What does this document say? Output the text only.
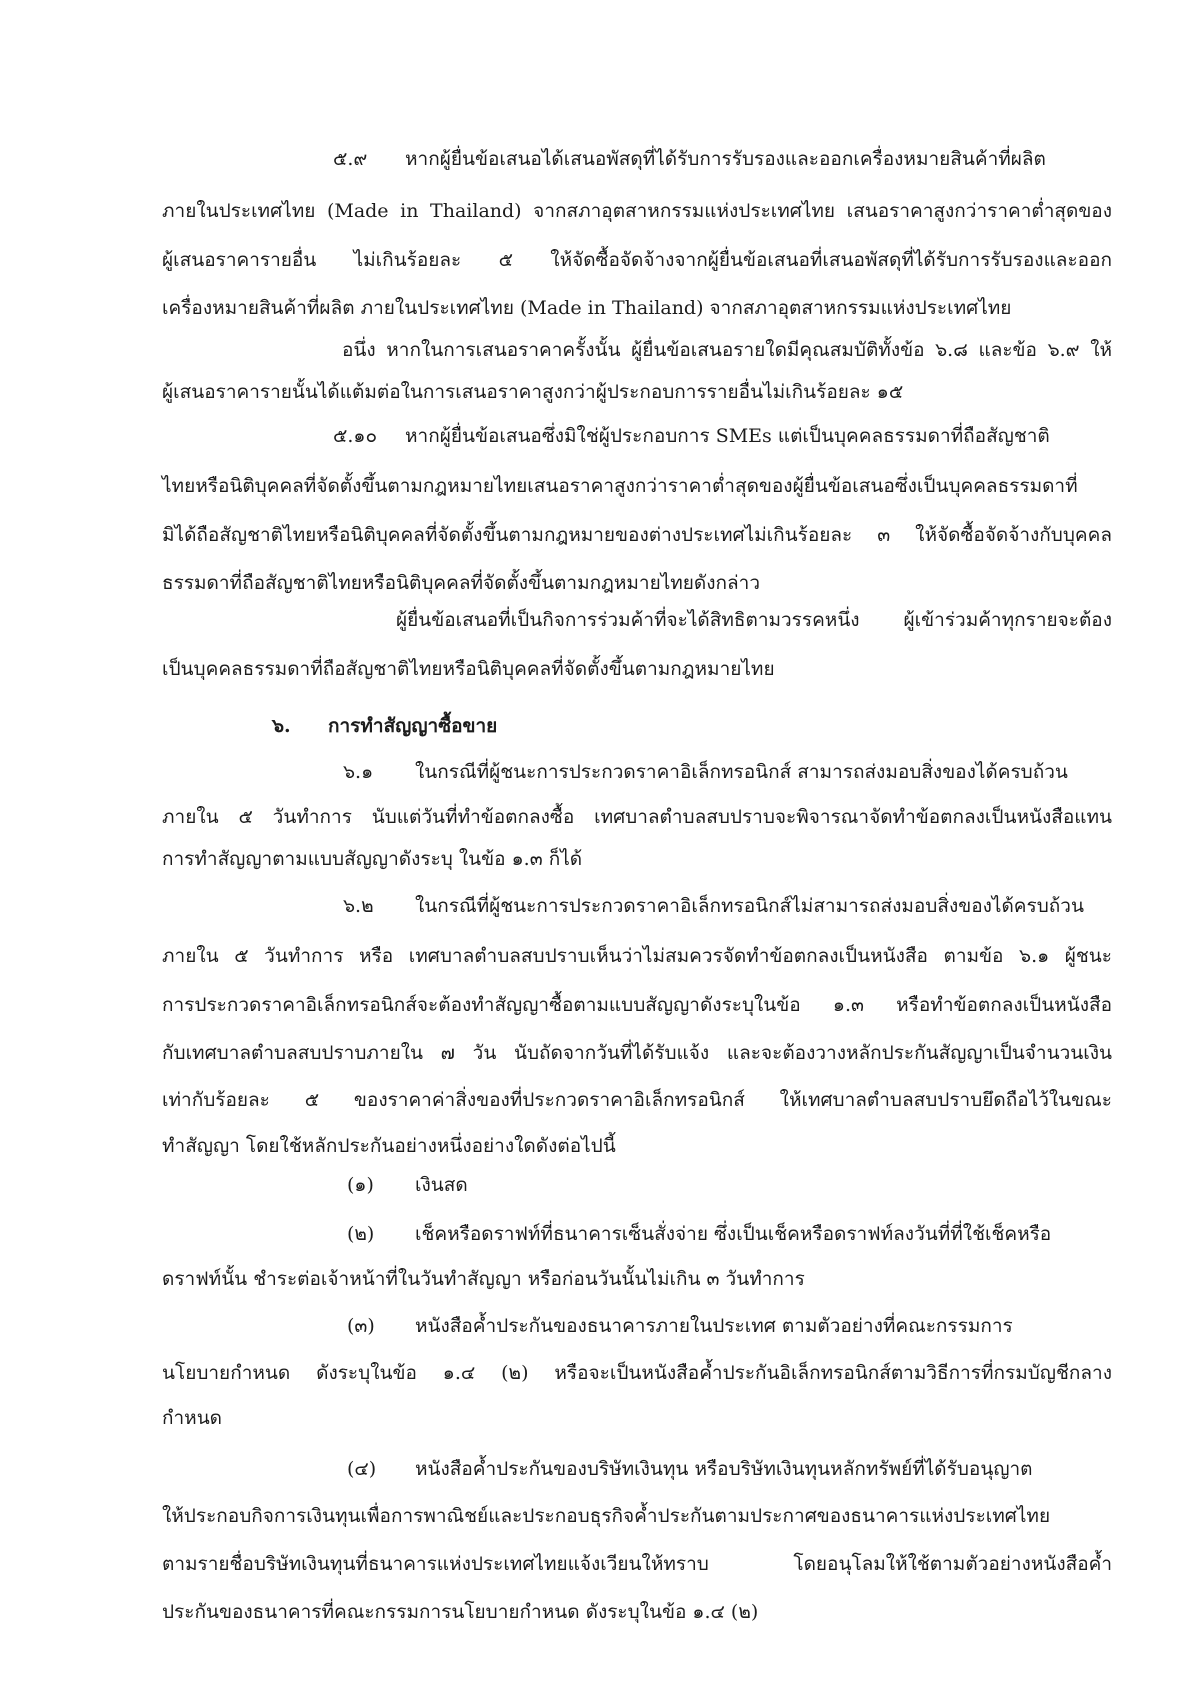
๕.๙ หากผู้ยื่นข้อเสนอได้เสนอพัสดุที่ได้รับการรับรองและออกเครื่องหมายสินค้าที่ผลิต
ภายในประเทศไทย (Made in Thailand) จากสภาอุตสาหกรรมแห่งประเทศไทย เสนอราคาสูงกว่าราคาต่ำสุดของ
ผู้เสนอราคารายอื่น ไม่เกินร้อยละ ๕ ให้จัดซื้อจัดจ้างจากผู้ยื่นข้อเสนอที่เสนอพัสดุที่ได้รับการรับรองและออก
เครื่องหมายสินค้าที่ผลิต ภายในประเทศไทย (Made in Thailand) จากสภาอุตสาหกรรมแห่งประเทศไทย
อนึ่ง หากในการเสนอราคาครั้งนั้น ผู้ยื่นข้อเสนอรายใดมีคุณสมบัติทั้งข้อ ๖.๘ และข้อ ๖.๙ ให้
ผู้เสนอราคารายนั้นได้แต้มต่อในการเสนอราคาสูงกว่าผู้ประกอบการรายอื่นไม่เกินร้อยละ ๑๕
๕.๑๐ หากผู้ยื่นข้อเสนอซึ่งมิใช่ผู้ประกอบการ SMEs แต่เป็นบุคคลธรรมดาที่ถือสัญชาติ
ไทยหรือนิติบุคคลที่จัดตั้งขึ้นตามกฎหมายไทยเสนอราคาสูงกว่าราคาต่ำสุดของผู้ยื่นข้อเสนอซึ่งเป็นบุคคลธรรมดาที่
มิได้ถือสัญชาติไทยหรือนิติบุคคลที่จัดตั้งขึ้นตามกฎหมายของต่างประเทศไม่เกินร้อยละ ๓ ให้จัดซื้อจัดจ้างกับบุคคล
ธรรมดาที่ถือสัญชาติไทยหรือนิติบุคคลที่จัดตั้งขึ้นตามกฎหมายไทยดังกล่าว
ผู้ยื่นข้อเสนอที่เป็นกิจการร่วมค้าที่จะได้สิทธิตามวรรคหนึ่ง ผู้เข้าร่วมค้าทุกรายจะต้อง
เป็นบุคคลธรรมดาที่ถือสัญชาติไทยหรือนิติบุคคลที่จัดตั้งขึ้นตามกฎหมายไทย
๖. การทำสัญญาซื้อขาย
๖.๑ ในกรณีที่ผู้ชนะการประกวดราคาอิเล็กทรอนิกส์ สามารถส่งมอบสิ่งของได้ครบถ้วน
ภายใน ๕ วันทำการ นับแต่วันที่ทำข้อตกลงซื้อ เทศบาลตำบลสบปราบจะพิจารณาจัดทำข้อตกลงเป็นหนังสือแทน
การทำสัญญาตามแบบสัญญาดังระบุ ในข้อ ๑.๓ ก็ได้
๖.๒ ในกรณีที่ผู้ชนะการประกวดราคาอิเล็กทรอนิกส์ไม่สามารถส่งมอบสิ่งของได้ครบถ้วน
ภายใน ๕ วันทำการ หรือ เทศบาลตำบลสบปราบเห็นว่าไม่สมควรจัดทำข้อตกลงเป็นหนังสือ ตามข้อ ๖.๑ ผู้ชนะ
การประกวดราคาอิเล็กทรอนิกส์จะต้องทำสัญญาซื้อตามแบบสัญญาดังระบุในข้อ ๑.๓ หรือทำข้อตกลงเป็นหนังสือ
กับเทศบาลตำบลสบปราบภายใน ๗ วัน นับถัดจากวันที่ได้รับแจ้ง และจะต้องวางหลักประกันสัญญาเป็นจำนวนเงิน
เท่ากับร้อยละ ๕ ของราคาค่าสิ่งของที่ประกวดราคาอิเล็กทรอนิกส์ ให้เทศบาลตำบลสบปราบยึดถือไว้ในขณะ
ทำสัญญา โดยใช้หลักประกันอย่างหนึ่งอย่างใดดังต่อไปนี้
(๑) เงินสด
(๒) เช็คหรือดราฟท์ที่ธนาคารเซ็นสั่งจ่าย ซึ่งเป็นเช็คหรือดราฟท์ลงวันที่ที่ใช้เช็คหรือ
ดราฟท์นั้น ชำระต่อเจ้าหน้าที่ในวันทำสัญญา หรือก่อนวันนั้นไม่เกิน ๓ วันทำการ
(๓) หนังสือค้ำประกันของธนาคารภายในประเทศ ตามตัวอย่างที่คณะกรรมการ
นโยบายกำหนด ดังระบุในข้อ ๑.๔ (๒) หรือจะเป็นหนังสือค้ำประกันอิเล็กทรอนิกส์ตามวิธีการที่กรมบัญชีกลาง
กำหนด
(๔) หนังสือค้ำประกันของบริษัทเงินทุน หรือบริษัทเงินทุนหลักทรัพย์ที่ได้รับอนุญาต
ให้ประกอบกิจการเงินทุนเพื่อการพาณิชย์และประกอบธุรกิจค้ำประกันตามประกาศของธนาคารแห่งประเทศไทย
ตามรายชื่อบริษัทเงินทุนที่ธนาคารแห่งประเทศไทยแจ้งเวียนให้ทราบ โดยอนุโลมให้ใช้ตามตัวอย่างหนังสือค้ำ
ประกันของธนาคารที่คณะกรรมการนโยบายกำหนด ดังระบุในข้อ ๑.๔ (๒)
